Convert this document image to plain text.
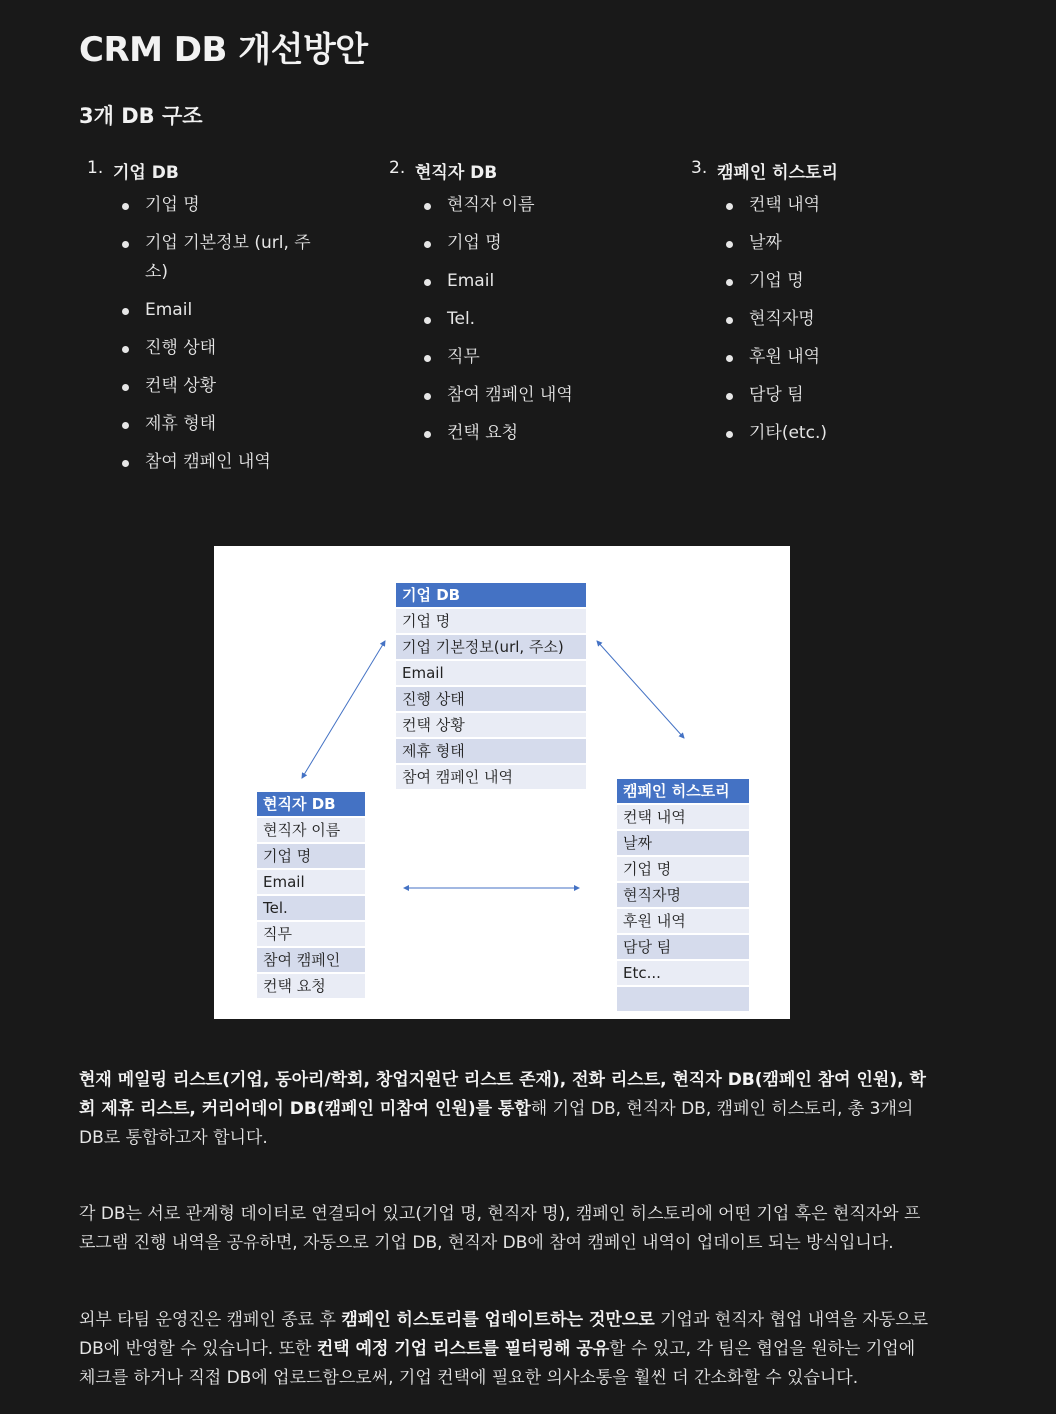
CRM DB 개선방안
3개 DB 구조
1. 기업 DB
기업 명
기업 기본정보 (url, 주소)
Email
진행 상태
컨택 상황
제휴 형태
참여 캠페인 내역
2. 현직자 DB
현직자 이름
기업 명
Email
Tel.
직무
참여 캠페인 내역
컨택 요청
3. 캠페인 히스토리
컨택 내역
날짜
기업 명
현직자명
후원 내역
담당 팀
기타(etc.)
기업 DB
기업 명
기업 기본정보(url, 주소)
Email
진행 상태
컨택 상황
제휴 형태
참여 캠페인 내역
현직자 DB
현직자 이름
기업 명
Email
Tel.
직무
참여 캠페인
컨택 요청
캠페인 히스토리
컨택 내역
날짜
기업 명
현직자명
후원 내역
담당 팀
Etc...

현재 메일링 리스트(기업, 동아리/학회, 창업지원단 리스트 존재), 전화 리스트, 현직자 DB(캠페인 참여 인원), 학회 제휴 리스트, 커리어데이 DB(캠페인 미참여 인원)를 통합해 기업 DB, 현직자 DB, 캠페인 히스토리, 총 3개의 DB로 통합하고자 합니다.

각 DB는 서로 관계형 데이터로 연결되어 있고(기업 명, 현직자 명), 캠페인 히스토리에 어떤 기업 혹은 현직자와 프로그램 진행 내역을 공유하면, 자동으로 기업 DB, 현직자 DB에 참여 캠페인 내역이 업데이트 되는 방식입니다.

외부 타팀 운영진은 캠페인 종료 후 캠페인 히스토리를 업데이트하는 것만으로 기업과 현직자 협업 내역을 자동으로 DB에 반영할 수 있습니다. 또한 컨택 예정 기업 리스트를 필터링해 공유할 수 있고, 각 팀은 협업을 원하는 기업에 체크를 하거나 직접 DB에 업로드함으로써, 기업 컨택에 필요한 의사소통을 훨씬 더 간소화할 수 있습니다.
